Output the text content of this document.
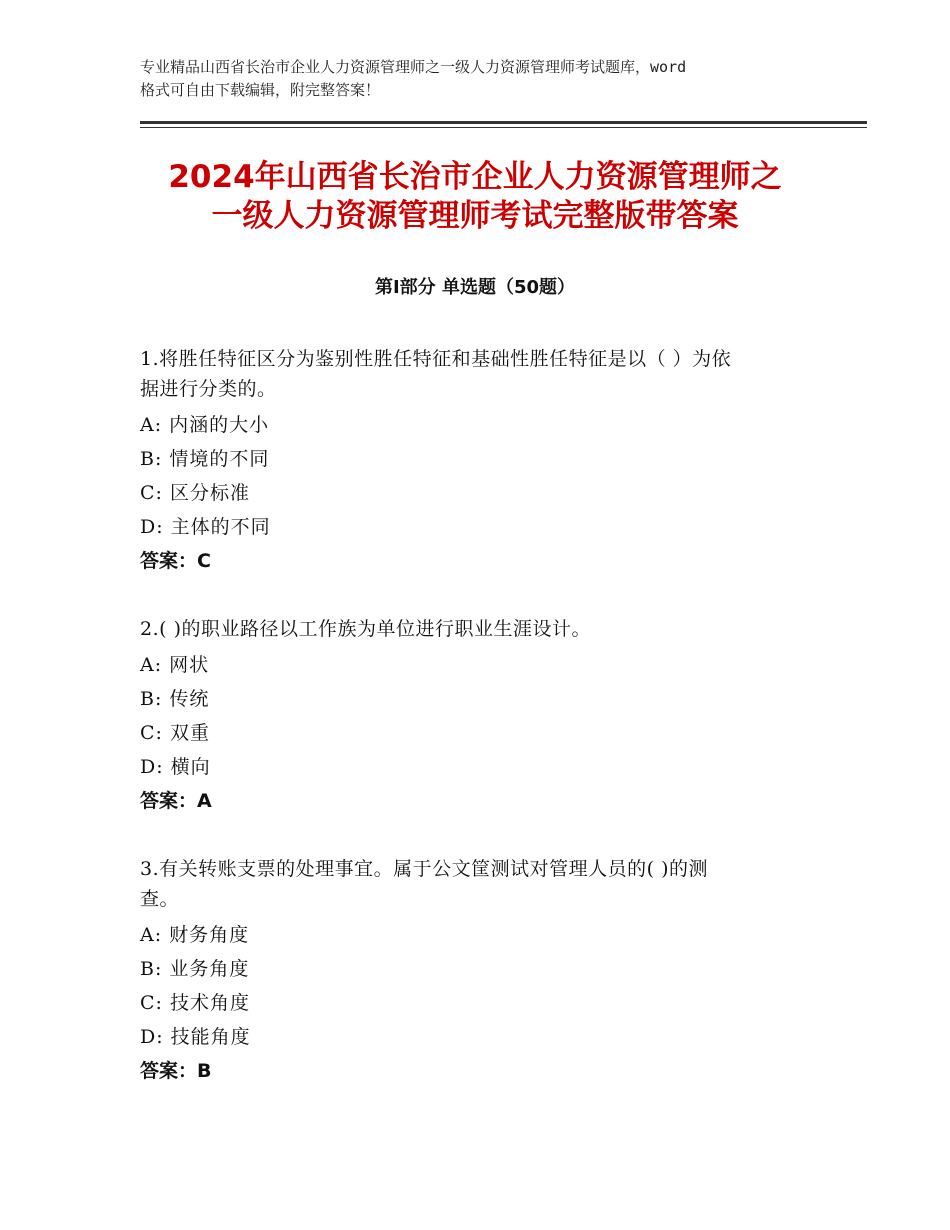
专业精品山西省长治市企业人力资源管理师之一级人力资源管理师考试题库，word
格式可自由下载编辑，附完整答案！
2024年山西省长治市企业人力资源管理师之
一级人力资源管理师考试完整版带答案
第Ⅰ部分 单选题（50题）
1.将胜任特征区分为鉴别性胜任特征和基础性胜任特征是以（ ）为依
据进行分类的。
A: 内涵的大小
B: 情境的不同
C: 区分标准
D: 主体的不同
答案：C
2.( )的职业路径以工作族为单位进行职业生涯设计。
A: 网状
B: 传统
C: 双重
D: 横向
答案：A
3.有关转账支票的处理事宜。属于公文筐测试对管理人员的( )的测
查。
A: 财务角度
B: 业务角度
C: 技术角度
D: 技能角度
答案：B
